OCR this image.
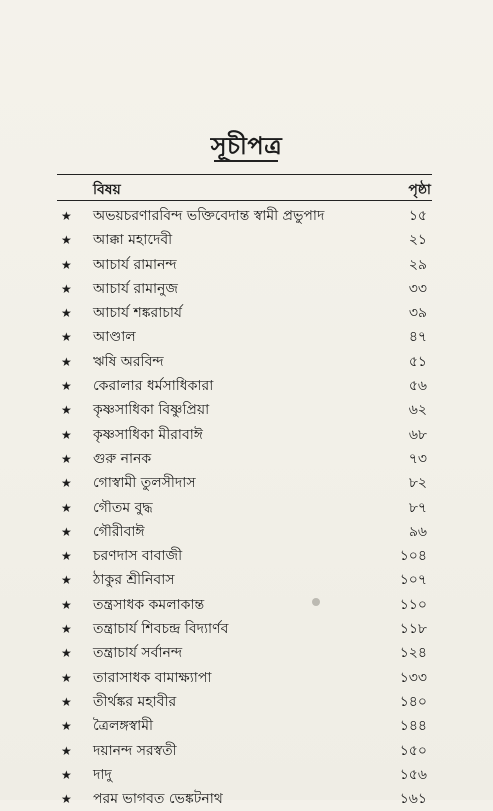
সূচীপত্র
বিষয়	পৃষ্ঠা
★ অভয়চরণারবিন্দ ভক্তিবেদান্ত স্বামী প্রভুপাদ	১৫
★ আক্কা মহাদেবী	২১
★ আচার্য রামানন্দ	২৯
★ আচার্য রামানুজ	৩৩
★ আচার্য শঙ্করাচার্য	৩৯
★ আণ্ডাল	৪৭
★ ঋষি অরবিন্দ	৫১
★ কেরালার ধর্মসাধিকারা	৫৬
★ কৃষ্ণসাধিকা বিষ্ণুপ্রিয়া	৬২
★ কৃষ্ণসাধিকা মীরাবাঈ	৬৮
★ গুরু নানক	৭৩
★ গোস্বামী তুলসীদাস	৮২
★ গৌতম বুদ্ধ	৮৭
★ গৌরীবাঈ	৯৬
★ চরণদাস বাবাজী	১০৪
★ ঠাকুর শ্রীনিবাস	১০৭
★ তন্ত্রসাধক কমলাকান্ত	১১০
★ তন্ত্রাচার্য শিবচন্দ্র বিদ্যার্ণব	১১৮
★ তন্ত্রাচার্য সর্বানন্দ	১২৪
★ তারাসাধক বামাক্ষ্যাপা	১৩৩
★ তীর্থঙ্কর মহাবীর	১৪০
★ ত্রৈলঙ্গস্বামী	১৪৪
★ দয়ানন্দ সরস্বতী	১৫০
★ দাদু	১৫৬
★ পরম ভাগবত ভেঙ্কটনাথ	১৬১
